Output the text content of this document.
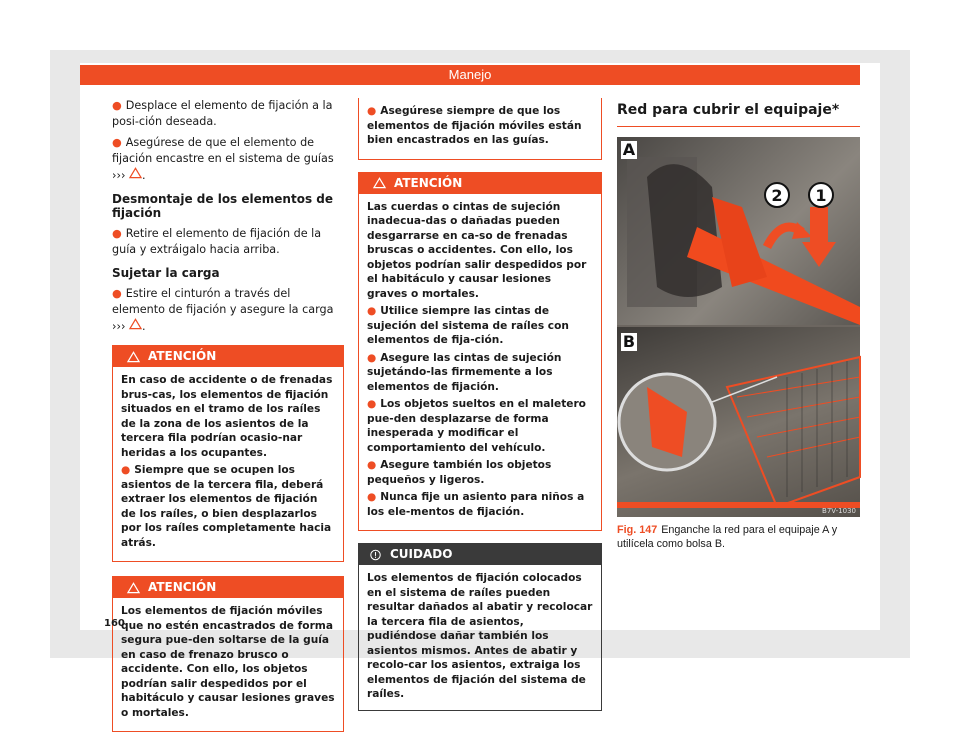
Manejo

● Desplace el elemento de fijación a la posi-ción deseada.

● Asegúrese de que el elemento de fijación encastre en el sistema de guías ››› .

Desmontaje de los elementos de fijación

● Retire el elemento de fijación de la guía y extráigalo hacia arriba.

Sujetar la carga

● Estire el cinturón a través del elemento de fijación y asegure la carga ››› .

ATENCIÓN

En caso de accidente o de frenadas brus-cas, los elementos de fijación situados en el tramo de los raíles de la zona de los asientos de la tercera fila podrían ocasio-nar heridas a los ocupantes.

● Siempre que se ocupen los asientos de la tercera fila, deberá extraer los elementos de fijación de los raíles, o bien desplazarlos por los raíles completamente hacia atrás.

ATENCIÓN

Los elementos de fijación móviles que no estén encastrados de forma segura pue-den soltarse de la guía en caso de frenazo brusco o accidente. Con ello, los objetos podrían salir despedidos por el habitáculo y causar lesiones graves o mortales.

● Asegúrese siempre de que los elementos de fijación móviles están bien encastrados en las guías.

ATENCIÓN

Las cuerdas o cintas de sujeción inadecua-das o dañadas pueden desgarrarse en ca-so de frenadas bruscas o accidentes. Con ello, los objetos podrían salir despedidos por el habitáculo y causar lesiones graves o mortales.

● Utilice siempre las cintas de sujeción del sistema de raíles con elementos de fija-ción.

● Asegure las cintas de sujeción sujetándo-las firmemente a los elementos de fijación.

● Los objetos sueltos en el maletero pue-den desplazarse de forma inesperada y modificar el comportamiento del vehículo.

● Asegure también los objetos pequeños y ligeros.

● Nunca fije un asiento para niños a los ele-mentos de fijación.

CUIDADO

Los elementos de fijación colocados en el sistema de raíles pueden resultar dañados al abatir y recolocar la tercera fila de asientos, pudiéndose dañar también los asientos mismos. Antes de abatir y recolo-car los asientos, extraiga los elementos de fijación del sistema de raíles.

Red para cubrir el equipaje*
2 1
A
B
B7V-1030
Fig. 147 Enganche la red para el equipaje A y utilícela como bolsa B.
160
